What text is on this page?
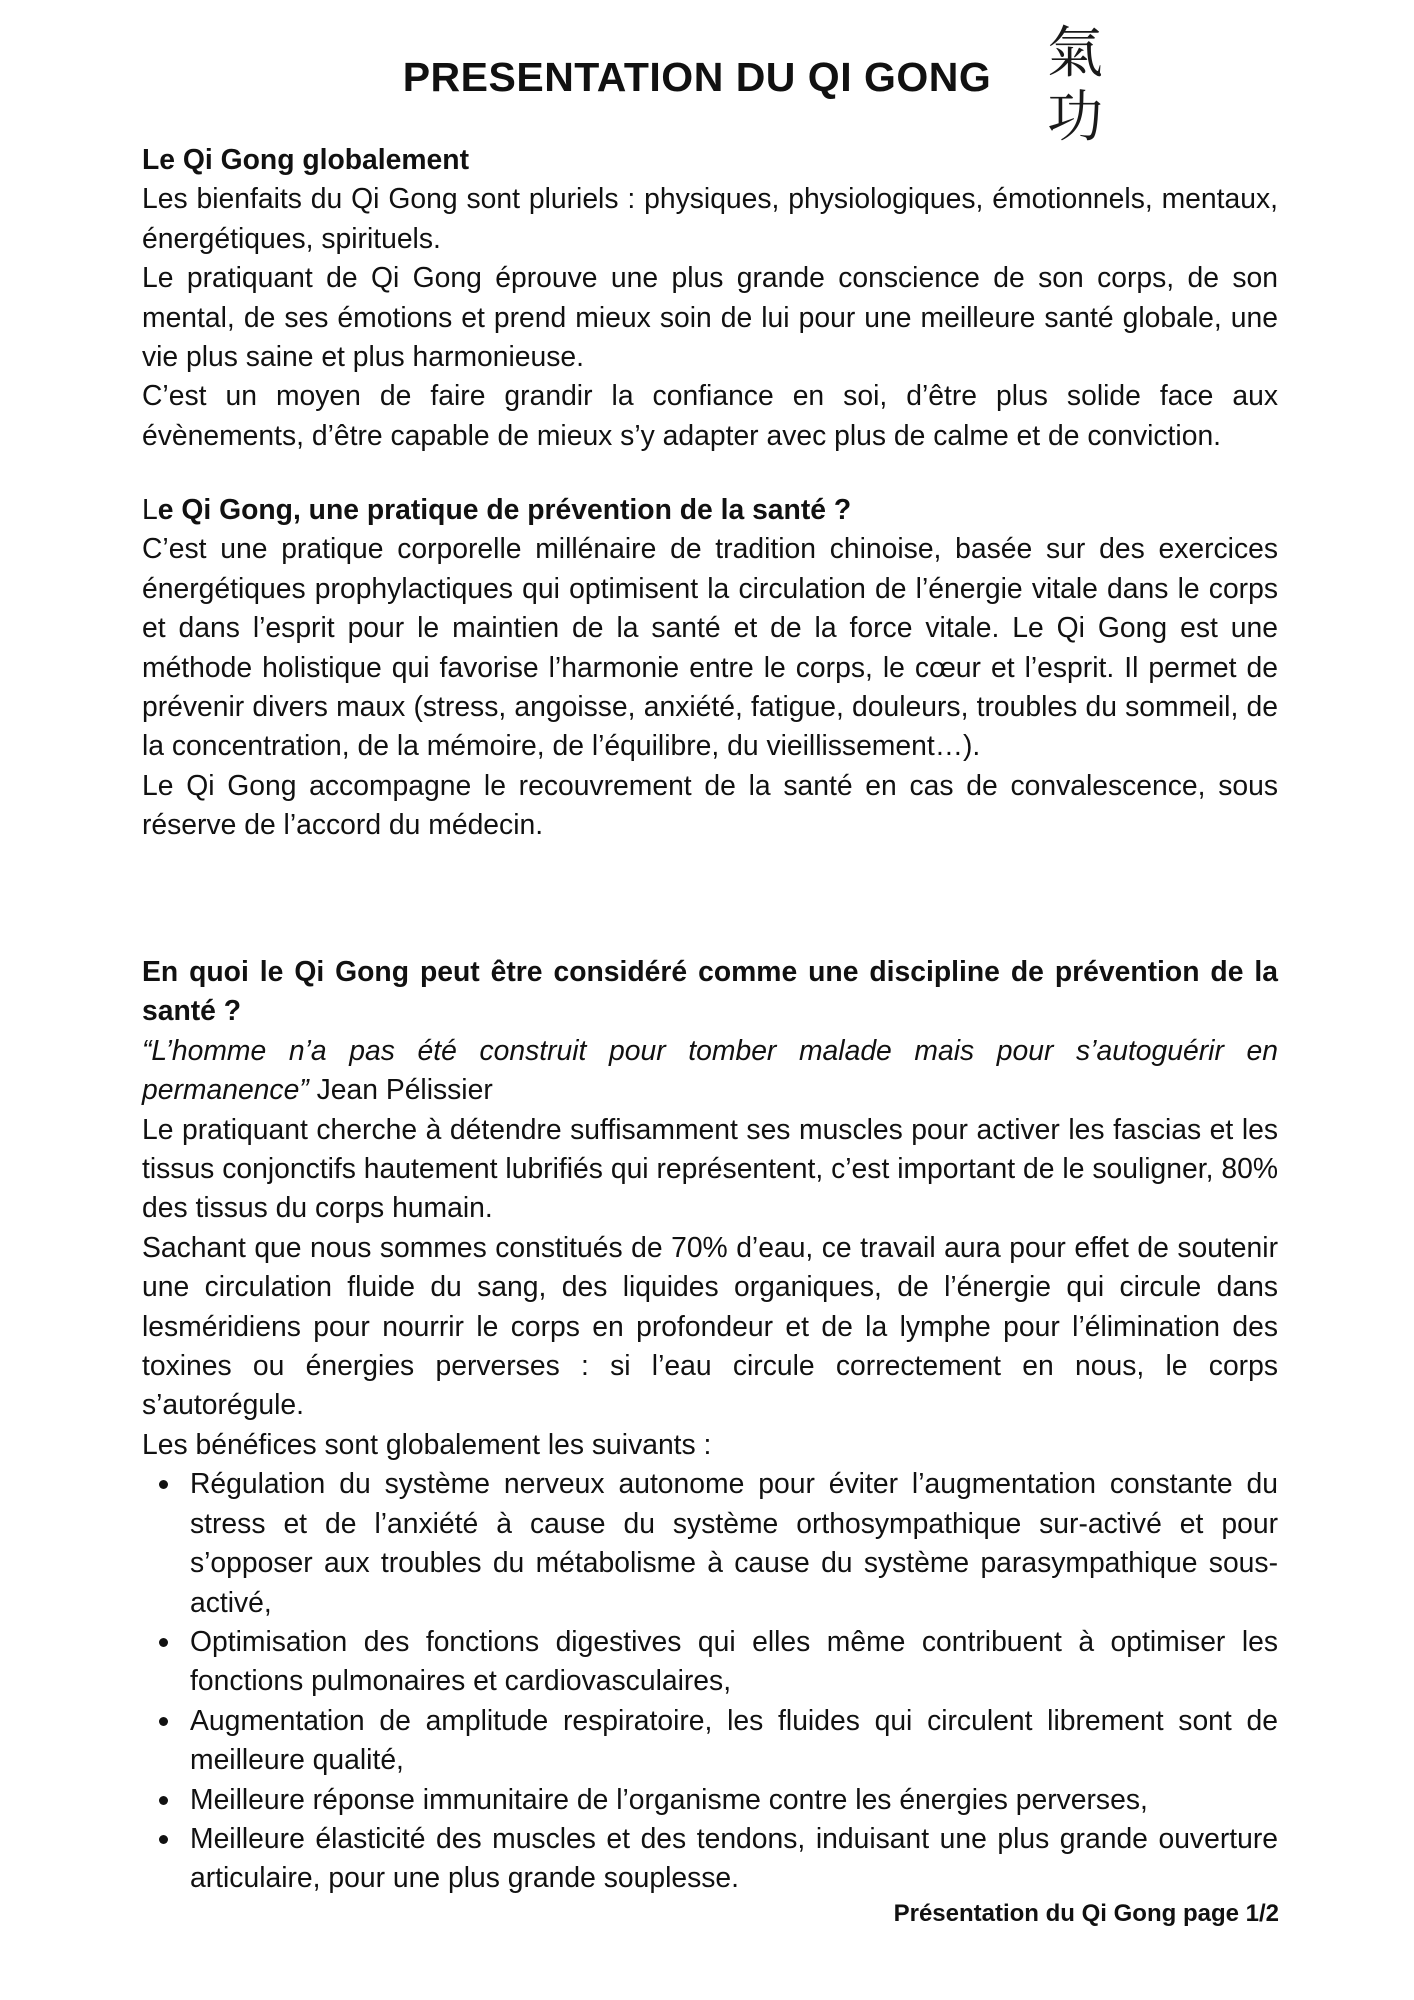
PRESENTATION DU QI GONG 氣
功

Le Qi Gong globalement

Les bienfaits du Qi Gong sont pluriels : physiques, physiologiques, émotionnels, mentaux, énergétiques, spirituels.

Le pratiquant de Qi Gong éprouve une plus grande conscience de son corps, de son mental, de ses émotions et prend mieux soin de lui pour une meilleure santé globale, une vie plus saine et plus harmonieuse.

C’est un moyen de faire grandir la confiance en soi, d’être plus solide face aux évènements, d’être capable de mieux s’y adapter avec plus de calme et de conviction.

Le Qi Gong, une pratique de prévention de la santé ?

C’est une pratique corporelle millénaire de tradition chinoise, basée sur des exercices énergétiques prophylactiques qui optimisent la circulation de l’énergie vitale dans le corps et dans l’esprit pour le maintien de la santé et de la force vitale. Le Qi Gong est une méthode holistique qui favorise l’harmonie entre le corps, le cœur et l’esprit. Il permet de prévenir divers maux (stress, angoisse, anxiété, fatigue, douleurs, troubles du sommeil, de la concentration, de la mémoire, de l’équilibre, du vieillissement…).

Le Qi Gong accompagne le recouvrement de la santé en cas de convalescence, sous réserve de l’accord du médecin.

En quoi le Qi Gong peut être considéré comme une discipline de prévention de la santé ?

“L’homme n’a pas été construit pour tomber malade mais pour s’autoguérir en permanence” Jean Pélissier

Le pratiquant cherche à détendre suffisamment ses muscles pour activer les fascias et les tissus conjonctifs hautement lubrifiés qui représentent, c’est important de le souligner, 80% des tissus du corps humain.

Sachant que nous sommes constitués de 70% d’eau, ce travail aura pour effet de soutenir une circulation fluide du sang, des liquides organiques, de l’énergie qui circule dans lesméridiens pour nourrir le corps en profondeur et de la lymphe pour l’élimination des toxines ou énergies perverses : si l’eau circule correctement en nous, le corps s’autorégule.

Les bénéfices sont globalement les suivants :

Régulation du système nerveux autonome pour éviter l’augmentation constante du stress et de l’anxiété à cause du système orthosympathique sur-activé et pour s’opposer aux troubles du métabolisme à cause du système parasympathique sous-activé,
Optimisation des fonctions digestives qui elles même contribuent à optimiser les fonctions pulmonaires et cardiovasculaires,
Augmentation de amplitude respiratoire, les fluides qui circulent librement sont de meilleure qualité,
Meilleure réponse immunitaire de l’organisme contre les énergies perverses,
Meilleure élasticité des muscles et des tendons, induisant une plus grande ouverture articulaire, pour une plus grande souplesse.
Présentation du Qi Gong page 1/2
